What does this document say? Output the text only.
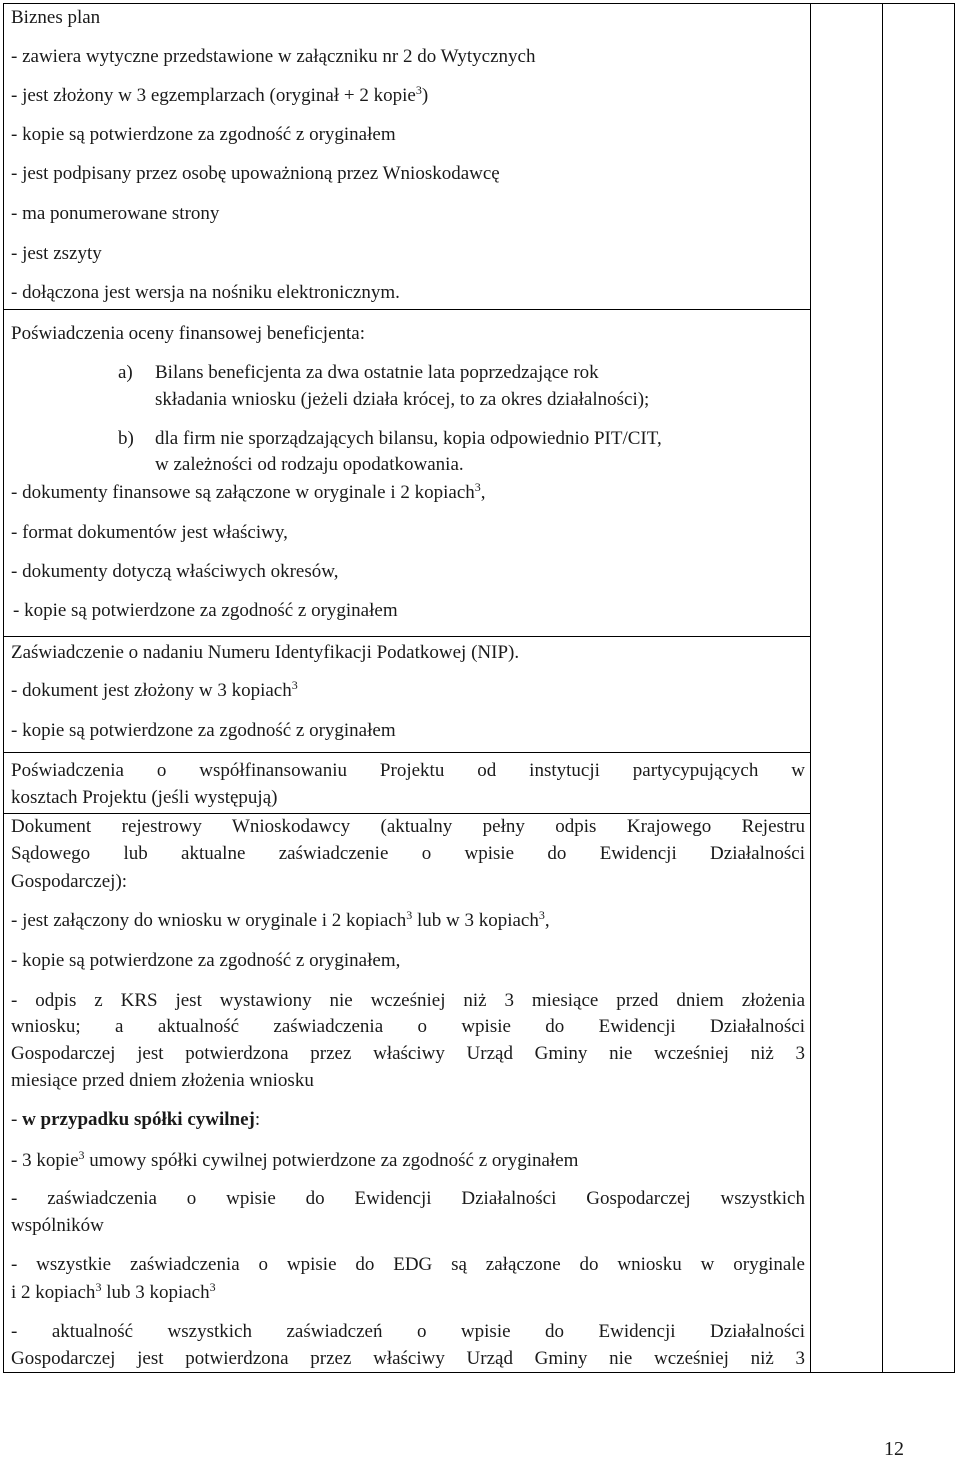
Biznes plan
- zawiera wytyczne przedstawione w załączniku nr 2 do Wytycznych
- jest złożony w 3 egzemplarzach (oryginał + 2 kopie$^3$)
- kopie są potwierdzone za zgodność z oryginałem
- jest podpisany przez osobę upoważnioną przez Wnioskodawcę
- ma ponumerowane strony
- jest zszyty
- dołączona jest wersja na nośniku elektronicznym.
Poświadczenia oceny finansowej beneficjenta:
a) Bilans beneficjenta za dwa ostatnie lata poprzedzające rok
składania wniosku (jeżeli działa krócej, to za okres działalności);
b) dla firm nie sporządzających bilansu, kopia odpowiednio PIT/CIT,
w zależności od rodzaju opodatkowania.
- dokumenty finansowe są załączone w oryginale i 2 kopiach$^3$,
- format dokumentów jest właściwy,
- dokumenty dotyczą właściwych okresów,
- kopie są potwierdzone za zgodność z oryginałem
Zaświadczenie o nadaniu Numeru Identyfikacji Podatkowej (NIP).
- dokument jest złożony w 3 kopiach$^3$
- kopie są potwierdzone za zgodność z oryginałem
Poświadczenia o współfinansowaniu Projektu od instytucji partycypujących w
kosztach Projektu (jeśli występują)
Dokument rejestrowy Wnioskodawcy (aktualny pełny odpis Krajowego Rejestru
Sądowego lub aktualne zaświadczenie o wpisie do Ewidencji Działalności
Gospodarczej):
- jest załączony do wniosku w oryginale i 2 kopiach$^3$ lub w 3 kopiach$^3$,
- kopie są potwierdzone za zgodność z oryginałem,
- odpis z KRS jest wystawiony nie wcześniej niż 3 miesiące przed dniem złożenia
wniosku; a aktualność zaświadczenia o wpisie do Ewidencji Działalności
Gospodarczej jest potwierdzona przez właściwy Urząd Gminy nie wcześniej niż 3
miesiące przed dniem złożenia wniosku
- w przypadku spółki cywilnej:
- 3 kopie$^3$ umowy spółki cywilnej potwierdzone za zgodność z oryginałem
- zaświadczenia o wpisie do Ewidencji Działalności Gospodarczej wszystkich
wspólników
- wszystkie zaświadczenia o wpisie do EDG są załączone do wniosku w oryginale
i 2 kopiach$^3$ lub 3 kopiach$^3$
- aktualność wszystkich zaświadczeń o wpisie do Ewidencji Działalności
Gospodarczej jest potwierdzona przez właściwy Urząd Gminy nie wcześniej niż 3
12
